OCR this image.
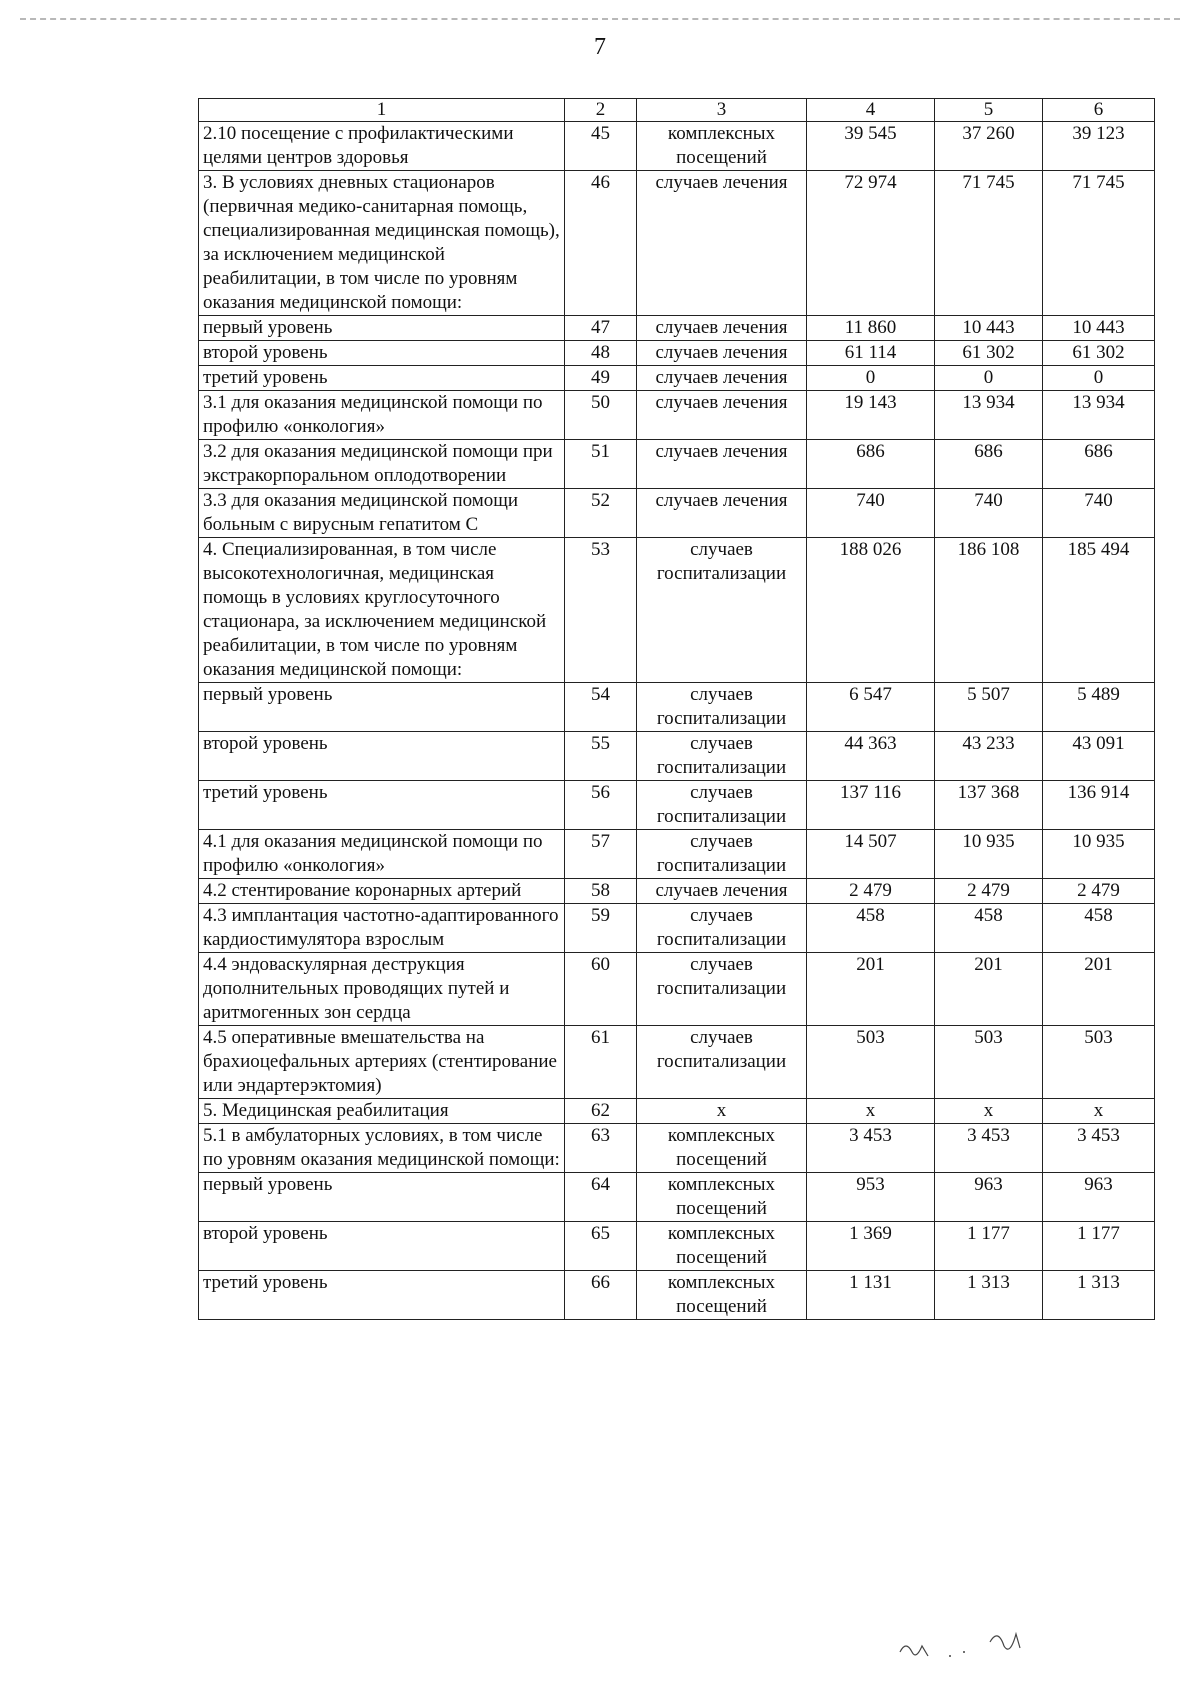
7
1	2	3	4	5	6
2.10 посещение с профилактическими целями центров здоровья	45	комплексных посещений	39 545	37 260	39 123
3. В условиях дневных стационаров (первичная медико-санитарная помощь, специализированная медицинская помощь), за исключением медицинской реабилитации, в том числе по уровням оказания медицинской помощи:	46	случаев лечения	72 974	71 745	71 745
первый уровень	47	случаев лечения	11 860	10 443	10 443
второй уровень	48	случаев лечения	61 114	61 302	61 302
третий уровень	49	случаев лечения	0	0	0
3.1 для оказания медицинской помощи по профилю «онкология»	50	случаев лечения	19 143	13 934	13 934
3.2 для оказания медицинской помощи при экстракорпоральном оплодотворении	51	случаев лечения	686	686	686
3.3 для оказания медицинской помощи больным с вирусным гепатитом С	52	случаев лечения	740	740	740
4. Специализированная, в том числе высокотехнологичная, медицинская помощь в условиях круглосуточного стационара, за исключением медицинской реабилитации, в том числе по уровням оказания медицинской помощи:	53	случаев госпитализации	188 026	186 108	185 494
первый уровень	54	случаев госпитализации	6 547	5 507	5 489
второй уровень	55	случаев госпитализации	44 363	43 233	43 091
третий уровень	56	случаев госпитализации	137 116	137 368	136 914
4.1 для оказания медицинской помощи по профилю «онкология»	57	случаев госпитализации	14 507	10 935	10 935
4.2 стентирование коронарных артерий	58	случаев лечения	2 479	2 479	2 479
4.3 имплантация частотно-адаптированного кардиостимулятора взрослым	59	случаев госпитализации	458	458	458
4.4 эндоваскулярная деструкция дополнительных проводящих путей и аритмогенных зон сердца	60	случаев госпитализации	201	201	201
4.5 оперативные вмешательства на брахиоцефальных артериях (стентирование или эндартерэктомия)	61	случаев госпитализации	503	503	503
5. Медицинская реабилитация	62	х	х	х	х
5.1 в амбулаторных условиях, в том числе по уровням оказания медицинской помощи:	63	комплексных посещений	3 453	3 453	3 453
первый уровень	64	комплексных посещений	953	963	963
второй уровень	65	комплексных посещений	1 369	1 177	1 177
третий уровень	66	комплексных посещений	1 131	1 313	1 313
